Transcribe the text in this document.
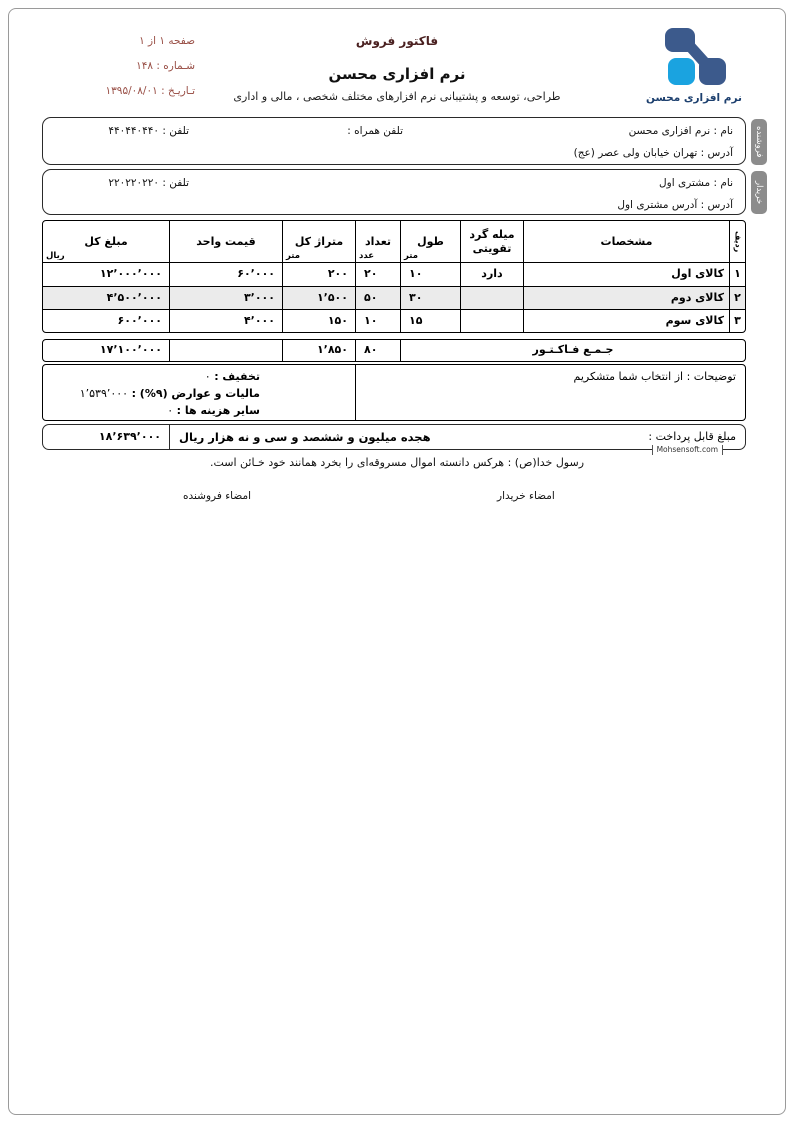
صفحه ۱ از ۱
شـماره : ۱۴۸
تـاریـخ : ۱۳۹۵/۰۸/۰۱
فاکتور فروش
نرم افزاری محسن
طراحی، توسعه و پشتیبانی نرم افزارهای مختلف شخصی ، مالی و اداری	نرم افزاری محسن
نام : نرم افزاری محسن
تلفن همراه :
تلفن : ۴۴۰۴۴۰۴۴۰
آدرس : تهران خیابان ولی عصر (عج)	فروشنده
نام : مشتری اول
تلفن : ۲۲۰۲۲۰۲۲۰
آدرس : آدرس مشتری اول
خریدار
ردیف
مشخصات
میله گرد تقویتی
طول
متر
تعداد
عدد
متراژ کل
متر
قیمت واحد
مبلغ کل
ریال
۱
کالای اول
دارد
۱۰
۲۰
۲۰۰
۶۰٬۰۰۰
۱۲٬۰۰۰٬۰۰۰
۲
کالای دوم
۳۰
۵۰
۱٬۵۰۰
۳٬۰۰۰
۴٬۵۰۰٬۰۰۰
۳
کالای سوم
۱۵
۱۰
۱۵۰
۴٬۰۰۰
۶۰۰٬۰۰۰
جـمـع فـاکـتـور
۸۰
۱٬۸۵۰
۱۷٬۱۰۰٬۰۰۰
توضیحات : از انتخاب شما متشکریم
تخفیف : ۰
مالیات و عوارض (۹%) : ۱٬۵۳۹٬۰۰۰
سایر هزینه ها : ۰
مبلغ قابل پرداخت :
هجده میلیون و ششصد و سی و نه هزار ریال
۱۸٬۶۳۹٬۰۰۰
Mohsensoft.com
رسول خدا(ص) : هرکس دانسته اموال مسروقه‌ای را بخرد همانند خود خـائن است.
امضاء خریدار
امضاء فروشنده
